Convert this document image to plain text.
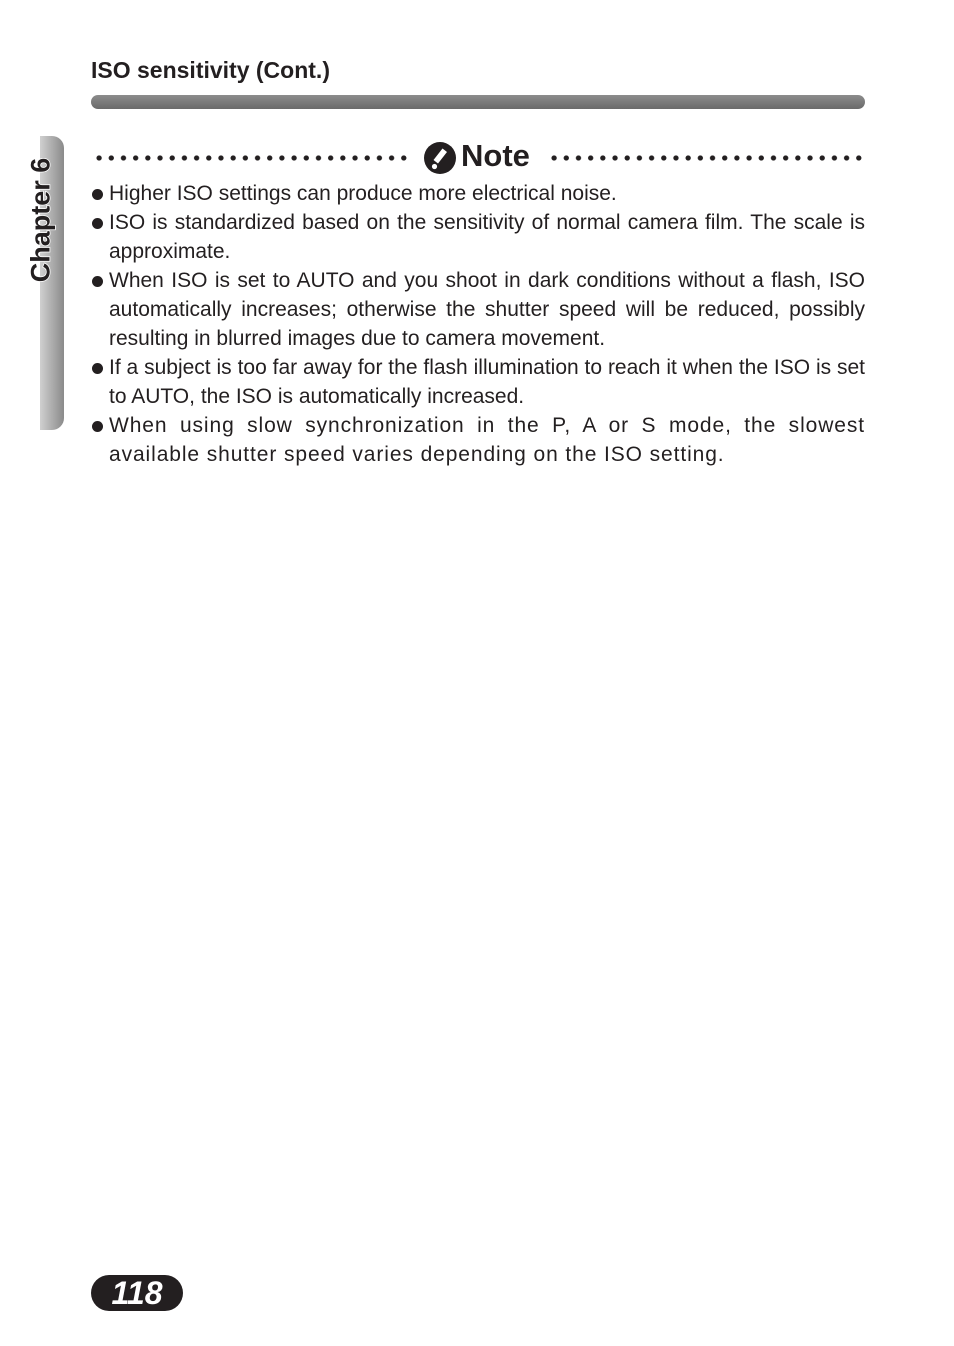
ISO sensitivity (Cont.)
Chapter 6
Note
Higher ISO settings can produce more electrical noise.
ISO is standardized based on the sensitivity of normal camera film. The scale is approximate.
When ISO is set to AUTO and you shoot in dark conditions without a flash, ISO automatically increases; otherwise the shutter speed will be reduced, possibly resulting in blurred images due to camera movement.
If a subject is too far away for the flash illumination to reach it when the ISO is set to AUTO, the ISO is automatically increased.
When using slow synchronization in the P, A or S mode, the slowest available shutter speed varies depending on the ISO setting.
118
